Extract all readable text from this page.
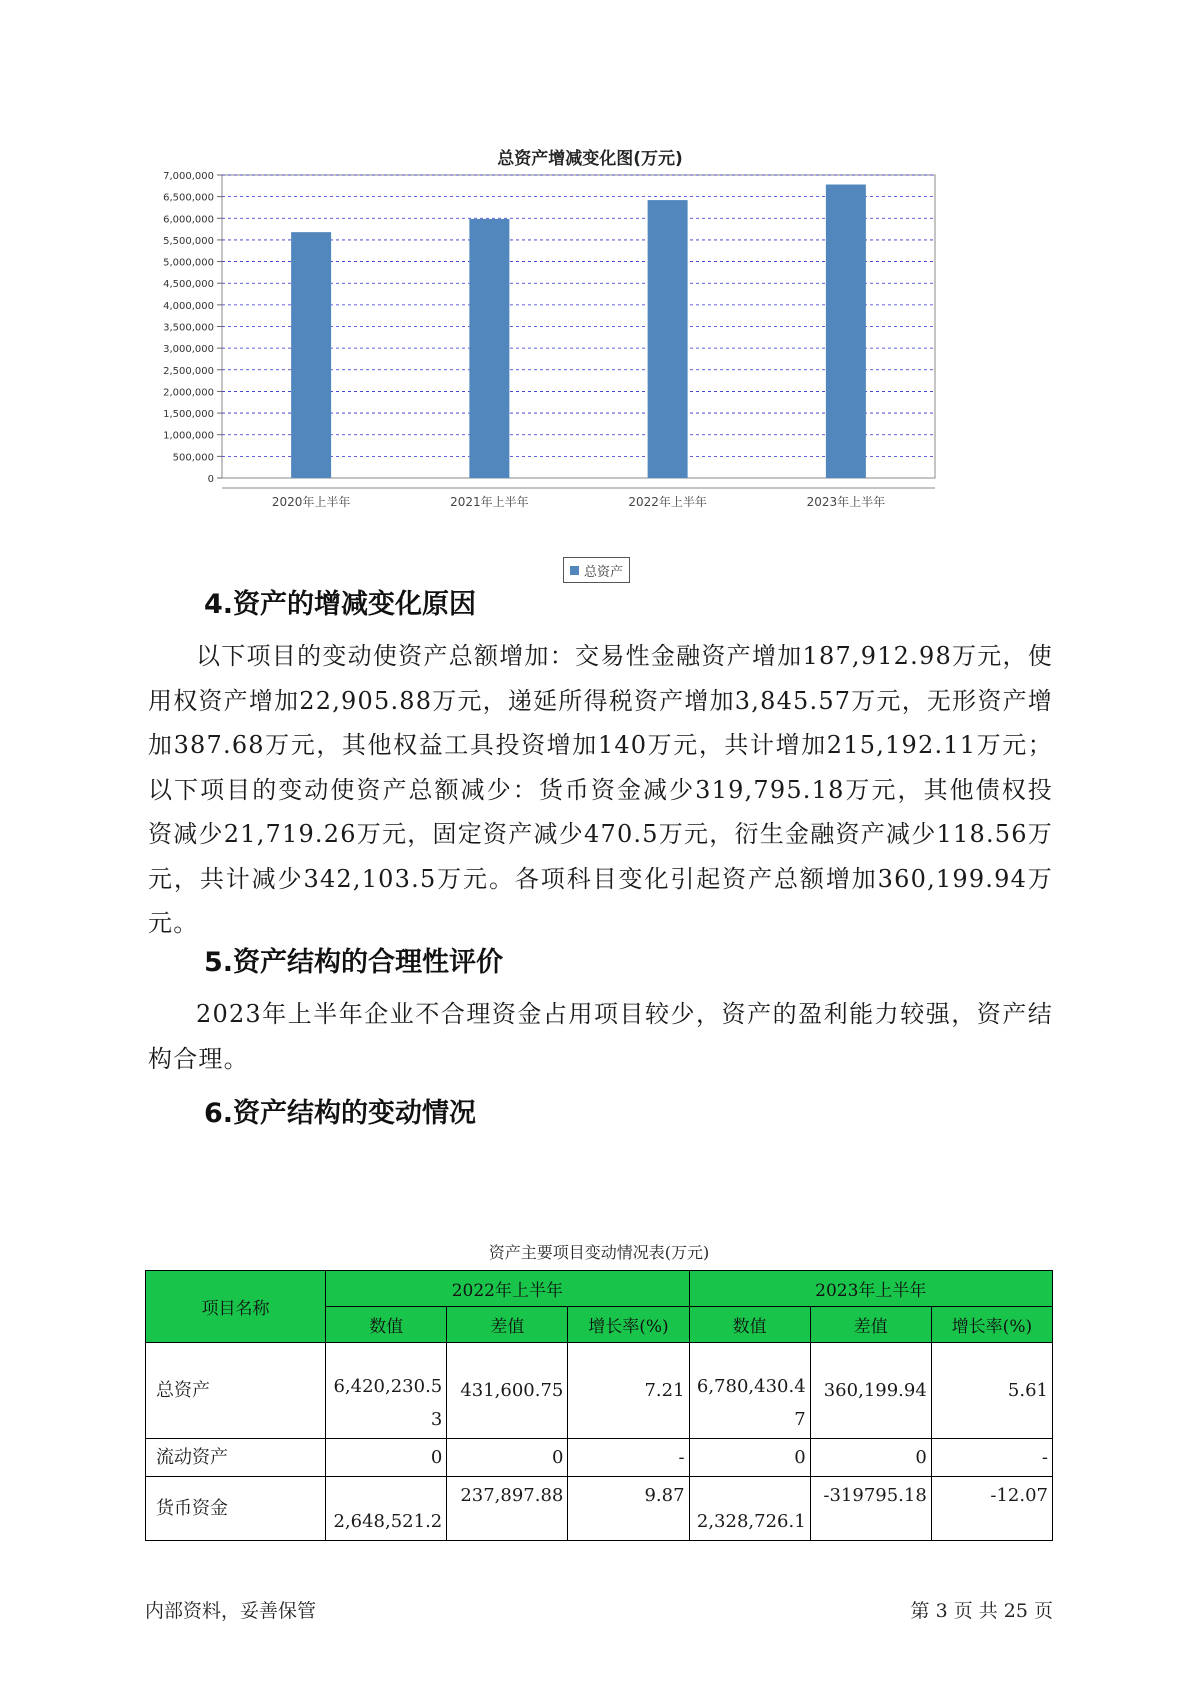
0
500,000
1,000,000
1,500,000
2,000,000
2,500,000
3,000,000
3,500,000
4,000,000
4,500,000
5,000,000
5,500,000
6,000,000
6,500,000
7,000,000
2020年上半年	2021年上半年	2022年上半年	2023年上半年
总资产增减变化图(万元)
总资产
4.资产的增减变化原因

以下项目的变动使资产总额增加：交易性金融资产增加187,912.98万元，使用权资产增加22,905.88万元，递延所得税资产增加3,845.57万元，无形资产增加387.68万元，其他权益工具投资增加140万元，共计增加215,192.11万元；以下项目的变动使资产总额减少：货币资金减少319,795.18万元，其他债权投资减少21,719.26万元，固定资产减少470.5万元，衍生金融资产减少118.56万元，共计减少342,103.5万元。各项科目变化引起资产总额增加360,199.94万元。

5.资产结构的合理性评价

2023年上半年企业不合理资金占用项目较少，资产的盈利能力较强，资产结构合理。

6.资产结构的变动情况
资产主要项目变动情况表(万元)
项目名称	2022年上半年			2023年上半年		
	数值	差值	增长率(%)	数值	差值	增长率(%)
总资产	6,420,230.53	431,600.75	7.21	6,780,430.47	360,199.94	5.61
流动资产	0	0	-	0	0	-
货币资金	2,648,521.2	237,897.88	9.87	2,328,726.1	-319795.18	-12.07
内部资料，妥善保管	第 3 页 共 25 页
